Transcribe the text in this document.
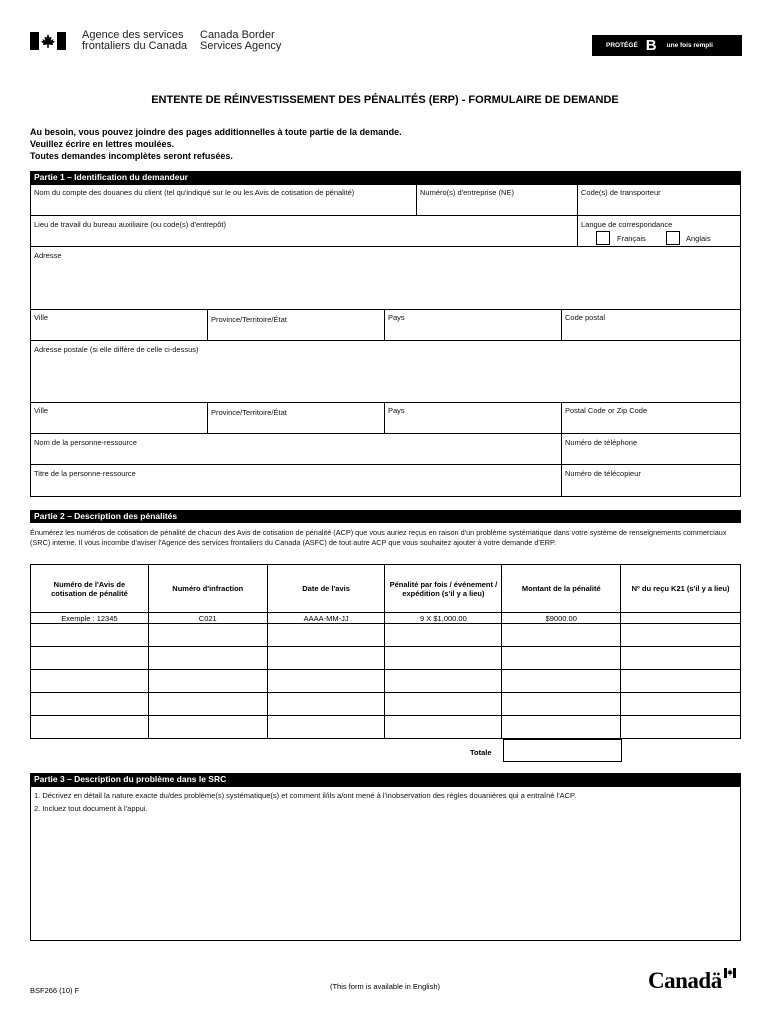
Agence des services
frontaliers du Canada
Canada Border
Services Agency	PROTÉGÉ B une fois rempli
ENTENTE DE RÉINVESTISSEMENT DES PÉNALITÉS (ERP) - FORMULAIRE DE DEMANDE
Au besoin, vous pouvez joindre des pages additionnelles à toute partie de la demande.
Veuillez écrire en lettres moulées.
Toutes demandes incomplètes seront refusées.
Partie 1 – Identification du demandeur
Nom du compte des douanes du client (tel qu'indiqué sur le ou les Avis de cotisation de pénalité)	Numéro(s) d'entreprise (NE)	Code(s) de transporteur
Lieu de travail du bureau auxiliaire (ou code(s) d'entrepôt)	Langue de correspondance
Français	Anglais
Adresse
Ville	Province/Territoire/État	Pays	Code postal
Adresse postale (si elle diffère de celle ci-dessus)
Ville	Province/Territoire/État	Pays	Postal Code or Zip Code
Nom de la personne-ressource	Numéro de téléphone
Titre de la personne-ressource	Numéro de télécopieur
Partie 2 – Description des pénalités
Énumérez les numéros de cotisation de pénalité de chacun des Avis de cotisation de pénalité (ACP) que vous auriez reçus en raison d'un problème systématique dans votre système de renseignements commerciaux (SRC) interne. Il vous incombe d'aviser l'Agence des services frontaliers du Canada (ASFC) de tout autre ACP que vous souhaitez ajouter à votre demande d'ERP.
Numéro de l'Avis de cotisation de pénalité	Numéro d'infraction	Date de l'avis	Pénalité par fois / événement / expédition (s'il y a lieu)	Montant de la pénalité	Nº du reçu K21 (s'il y a lieu)
Exemple : 12345	C021	AAAA-MM-JJ	9 X $1,000.00	$9000.00	

Totale
Partie 3 – Description du problème dans le SRC
1. Décrivez en détail la nature exacte du/des problème(s) systématique(s) et comment il/ils a/ont mené à l'inobservation des règles douanières qui a entraîné l'ACP.
2. Incluez tout document à l'appui.
BSF266 (10) F	(This form is available in English)	Canadä
